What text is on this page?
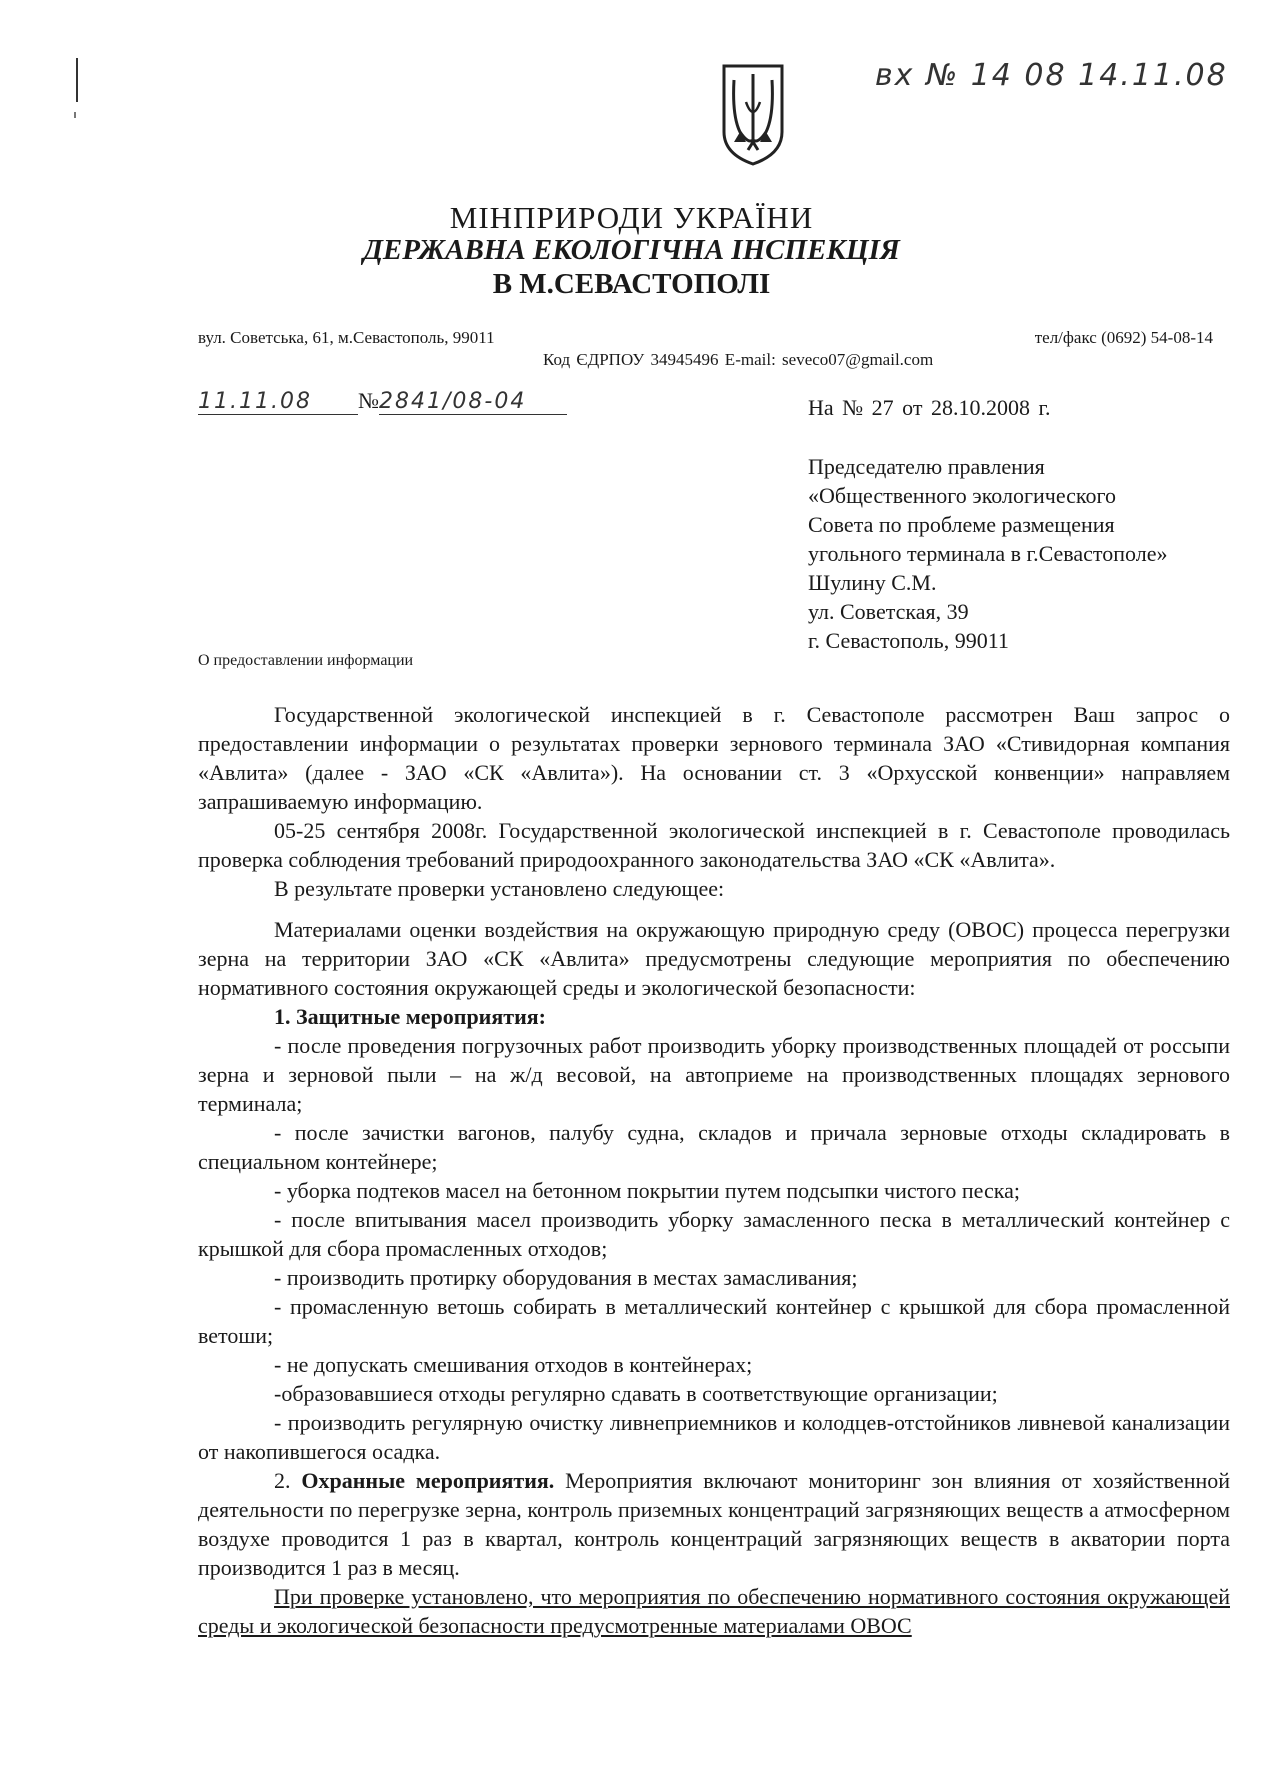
вх № 14 08 14.11.08
МІНПРИРОДИ УКРАЇНИ
ДЕРЖАВНА ЕКОЛОГІЧНА ІНСПЕКЦІЯ
В М.СЕВАСТОПОЛІ
вул. Советська, 61, м.Севастополь, 99011	тел/факс (0692) 54-08-14
Код ЄДРПОУ 34945496 E-mail: seveco07@gmail.com
11.11.08 №2841/08-04	На № 27 от 28.10.2008 г.
Председателю правления
«Общественного экологического
Совета по проблеме размещения
угольного терминала в г.Севастополе»
Шулину С.М.
ул. Советская, 39
г. Севастополь, 99011
О предоставлении информации

Государственной экологической инспекцией в г. Севастополе рассмотрен Ваш запрос о предоставлении информации о результатах проверки зернового терминала ЗАО «Стивидорная компания «Авлита» (далее - ЗАО «СК «Авлита»). На основании ст. 3 «Орхусской конвенции» направляем запрашиваемую информацию.

05-25 сентября 2008г. Государственной экологической инспекцией в г. Севастополе проводилась проверка соблюдения требований природоохранного законодательства ЗАО «СК «Авлита».

В результате проверки установлено следующее:

Материалами оценки воздействия на окружающую природную среду (ОВОС) процесса перегрузки зерна на территории ЗАО «СК «Авлита» предусмотрены следующие мероприятия по обеспечению нормативного состояния окружающей среды и экологической безопасности:

1. Защитные мероприятия:

- после проведения погрузочных работ производить уборку производственных площадей от россыпи зерна и зерновой пыли – на ж/д весовой, на автоприеме на производственных площадях зернового терминала;

- после зачистки вагонов, палубу судна, складов и причала зерновые отходы складировать в специальном контейнере;

- уборка подтеков масел на бетонном покрытии путем подсыпки чистого песка;

- после впитывания масел производить уборку замасленного песка в металлический контейнер с крышкой для сбора промасленных отходов;

- производить протирку оборудования в местах замасливания;

- промасленную ветошь собирать в металлический контейнер с крышкой для сбора промасленной ветоши;

- не допускать смешивания отходов в контейнерах;

-образовавшиеся отходы регулярно сдавать в соответствующие организации;

- производить регулярную очистку ливнеприемников и колодцев-отстойников ливневой канализации от накопившегося осадка.

2. Охранные мероприятия. Мероприятия включают мониторинг зон влияния от хозяйственной деятельности по перегрузке зерна, контроль приземных концентраций загрязняющих веществ а атмосферном воздухе проводится 1 раз в квартал, контроль концентраций загрязняющих веществ в акватории порта производится 1 раз в месяц.

При проверке установлено, что мероприятия по обеспечению нормативного состояния окружающей среды и экологической безопасности предусмотренные материалами ОВОС
